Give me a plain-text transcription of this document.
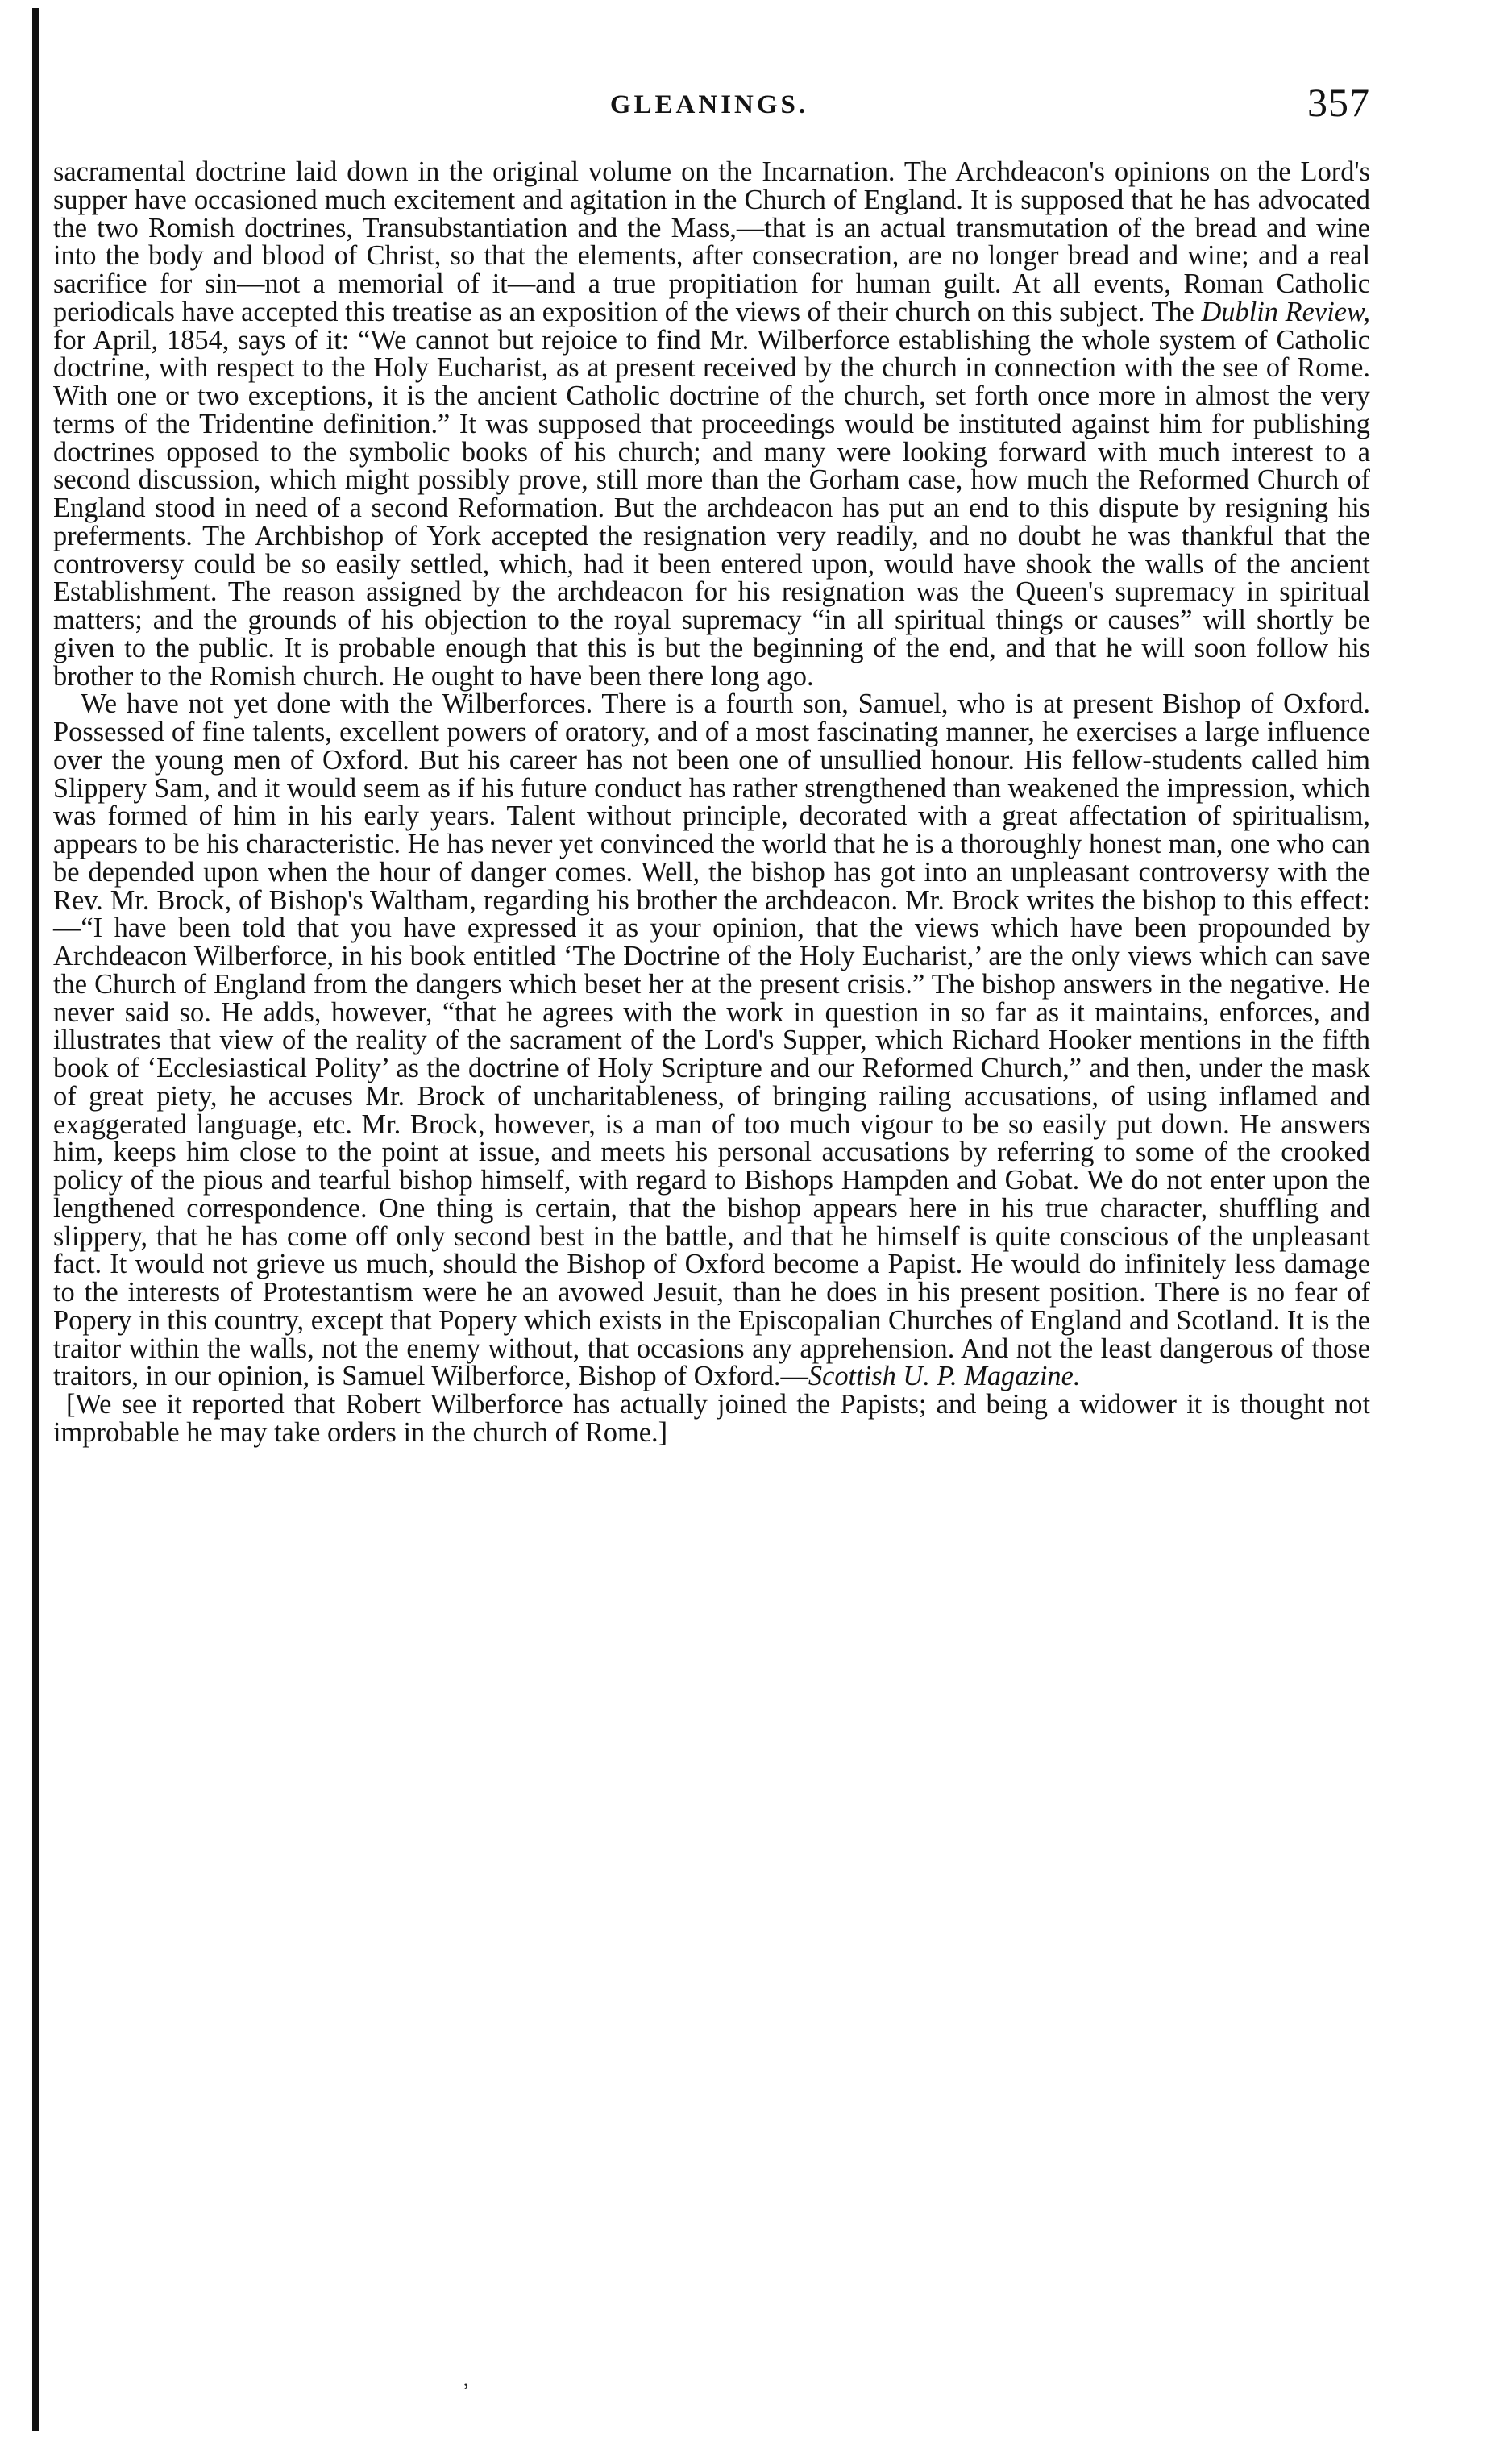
GLEANINGS.	357

sacramental doctrine laid down in the original volume on the Incarnation. The Archdeacon's opinions on the Lord's supper have occasioned much excitement and agitation in the Church of England. It is supposed that he has advocated the two Romish doctrines, Transubstantiation and the Mass,—that is an actual transmutation of the bread and wine into the body and blood of Christ, so that the elements, after consecration, are no longer bread and wine; and a real sacrifice for sin—not a memorial of it—and a true propitiation for human guilt. At all events, Roman Catholic periodicals have accepted this treatise as an exposition of the views of their church on this subject. The Dublin Review, for April, 1854, says of it: “We cannot but rejoice to find Mr. Wilberforce establishing the whole system of Catholic doctrine, with respect to the Holy Eucharist, as at present received by the church in connection with the see of Rome. With one or two exceptions, it is the ancient Catholic doctrine of the church, set forth once more in almost the very terms of the Tridentine definition.” It was supposed that proceedings would be instituted against him for publishing doctrines opposed to the symbolic books of his church; and many were looking forward with much interest to a second discussion, which might possibly prove, still more than the Gorham case, how much the Reformed Church of England stood in need of a second Reformation. But the archdeacon has put an end to this dispute by resigning his preferments. The Archbishop of York accepted the resignation very readily, and no doubt he was thankful that the controversy could be so easily settled, which, had it been entered upon, would have shook the walls of the ancient Establishment. The reason assigned by the archdeacon for his resignation was the Queen's supremacy in spiritual matters; and the grounds of his objection to the royal supremacy “in all spiritual things or causes” will shortly be given to the public. It is probable enough that this is but the beginning of the end, and that he will soon follow his brother to the Romish church. He ought to have been there long ago.

We have not yet done with the Wilberforces. There is a fourth son, Samuel, who is at present Bishop of Oxford. Possessed of fine talents, excellent powers of oratory, and of a most fascinating manner, he exercises a large influence over the young men of Oxford. But his career has not been one of unsullied honour. His fellow-students called him Slippery Sam, and it would seem as if his future conduct has rather strengthened than weakened the impression, which was formed of him in his early years. Talent without principle, decorated with a great affectation of spiritualism, appears to be his characteristic. He has never yet convinced the world that he is a thoroughly honest man, one who can be depended upon when the hour of danger comes. Well, the bishop has got into an unpleasant controversy with the Rev. Mr. Brock, of Bishop's Waltham, regarding his brother the archdeacon. Mr. Brock writes the bishop to this effect:—“I have been told that you have expressed it as your opinion, that the views which have been propounded by Archdeacon Wilberforce, in his book entitled ‘The Doctrine of the Holy Eucharist,’ are the only views which can save the Church of England from the dangers which beset her at the present crisis.” The bishop answers in the negative. He never said so. He adds, however, “that he agrees with the work in question in so far as it maintains, enforces, and illustrates that view of the reality of the sacrament of the Lord's Supper, which Richard Hooker mentions in the fifth book of ‘Ecclesiastical Polity’ as the doctrine of Holy Scripture and our Reformed Church,” and then, under the mask of great piety, he accuses Mr. Brock of uncharitableness, of bringing railing accusations, of using inflamed and exaggerated language, etc. Mr. Brock, however, is a man of too much vigour to be so easily put down. He answers him, keeps him close to the point at issue, and meets his personal accusations by referring to some of the crooked policy of the pious and tearful bishop himself, with regard to Bishops Hampden and Gobat. We do not enter upon the lengthened correspondence. One thing is certain, that the bishop appears here in his true character, shuffling and slippery, that he has come off only second best in the battle, and that he himself is quite conscious of the unpleasant fact. It would not grieve us much, should the Bishop of Oxford become a Papist. He would do infinitely less damage to the interests of Protestantism were he an avowed Jesuit, than he does in his present position. There is no fear of Popery in this country, except that Popery which exists in the Episcopalian Churches of England and Scotland. It is the traitor within the walls, not the enemy without, that occasions any apprehension. And not the least dangerous of those traitors, in our opinion, is Samuel Wilberforce, Bishop of Oxford.—Scottish U. P. Magazine.

[We see it reported that Robert Wilberforce has actually joined the Papists; and being a widower it is thought not improbable he may take orders in the church of Rome.]

’
